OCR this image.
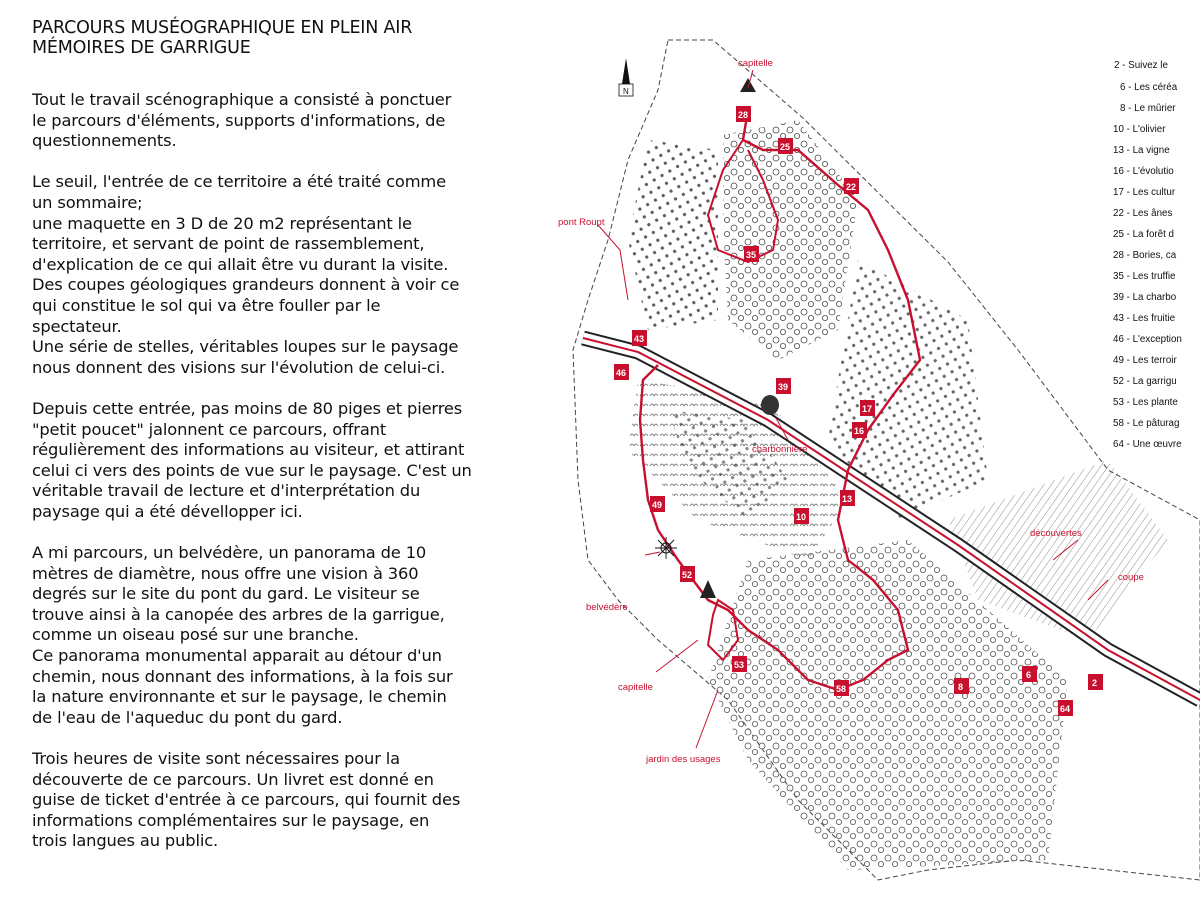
PARCOURS MUSÉOGRAPHIQUE EN PLEIN AIR

MÉMOIRES DE GARRIGUE

Tout le travail scénographique a consisté à ponctuer
le parcours d'éléments, supports d'informations, de
questionnements.

Le seuil, l'entrée de ce territoire a été traité comme
un sommaire;
une maquette en 3 D de 20 m2 représentant le
territoire, et servant de point de rassemblement,
d'explication de ce qui allait être vu durant la visite.
Des coupes géologiques grandeurs donnent à voir ce
qui constitue le sol qui va être fouller par le
spectateur.
Une série de stelles, véritables loupes sur le paysage
nous donnent des visions sur l'évolution de celui-ci.

Depuis cette entrée, pas moins de 80 piges et pierres
"petit poucet" jalonnent ce parcours, offrant
régulièrement des informations au visiteur, et attirant
celui ci vers des points de vue sur le paysage. C'est un
véritable travail de lecture et d'interprétation du
paysage qui a été dévellopper ici.

A mi parcours, un belvédère, un panorama de 10
mètres de diamètre, nous offre une vision à 360
degrés sur le site du pont du gard. Le visiteur se
trouve ainsi à la canopée des arbres de la garrigue,
comme un oiseau posé sur une branche.
Ce panorama monumental apparait au détour d'un
chemin, nous donnant des informations, à la fois sur
la nature environnante et sur le paysage, le chemin
de l'eau de l'aqueduc du pont du gard.

Trois heures de visite sont nécessaires pour la
découverte de ce parcours. Un livret est donné en
guise de ticket d'entrée à ce parcours, qui fournit des
informations complémentaires sur le paysage, en
trois langues au public.

N
28
25
22
35
43
46
39
17
16
13
10
49
52
53
58	8
6
2
64
capitelle
pont Roupt
charbonnière
découvertes
coupe
belvédère
capitelle
jardin des usages
2 - Suivez le
6 - Les céréa
8 - Le mûrier
10 - L'olivier
13 - La vigne
16 - L'évolutio
17 - Les cultur
22 - Les ânes
25 - La forêt d
28 - Bories, ca
35 - Les truffie
39 - La charbo
43 - Les fruitie
46 - L'exception
49 - Les terroir
52 - La garrigu
53 - Les plante
58 - Le pâturag
64 - Une œuvre
